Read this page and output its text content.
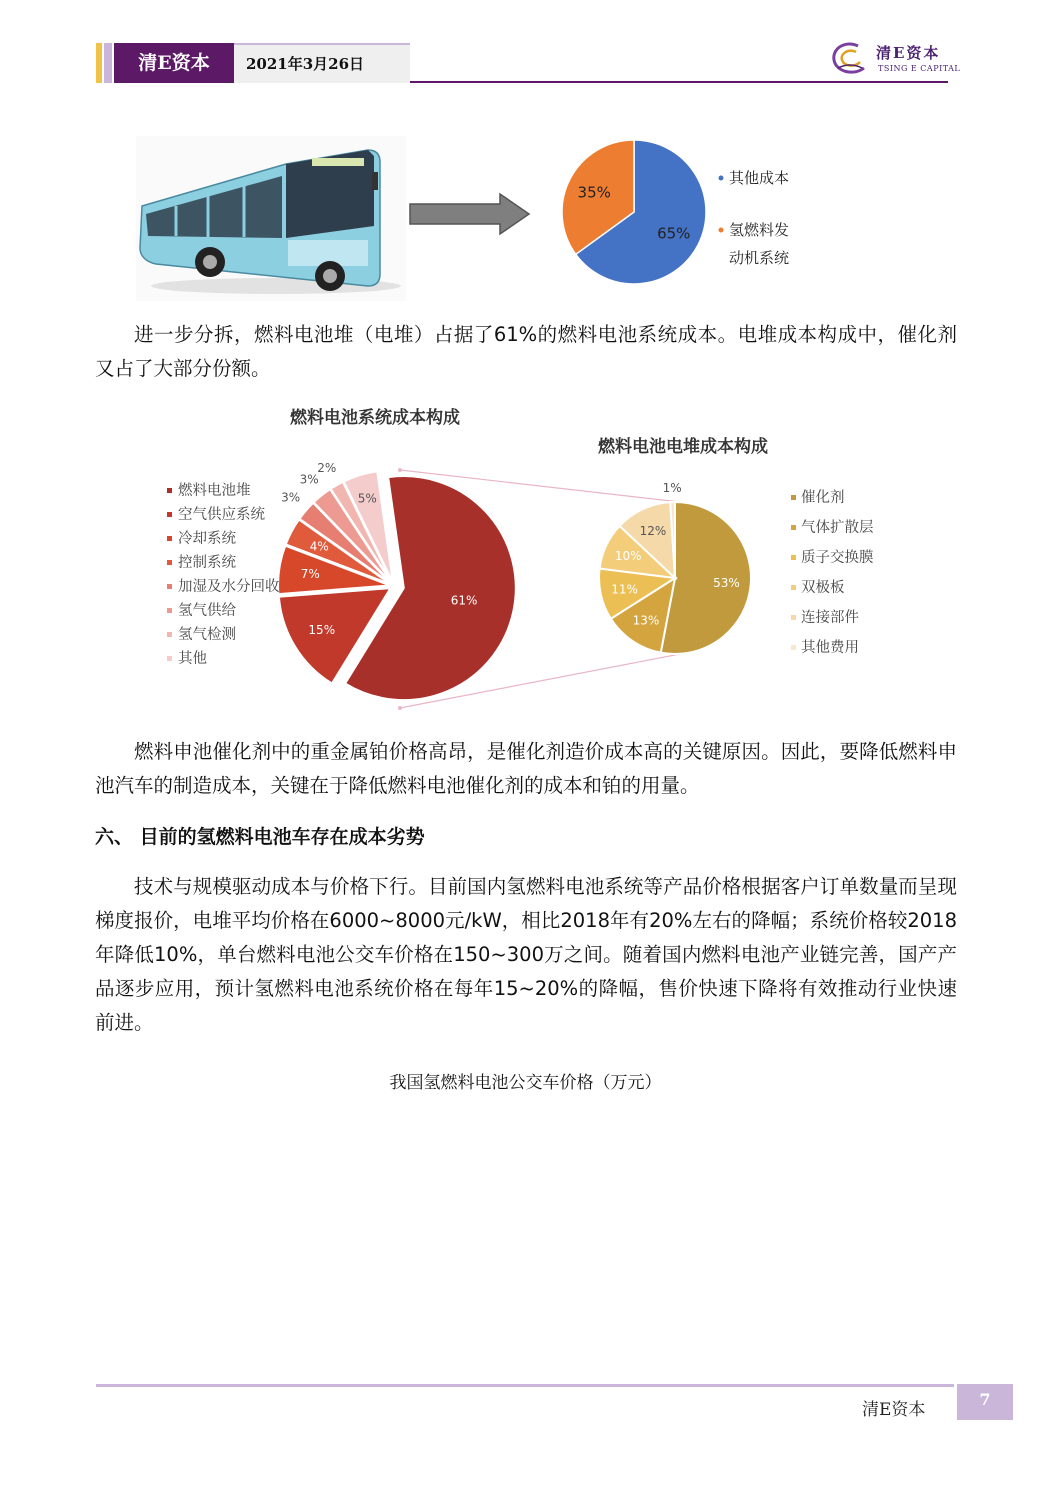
清E资本	2021年3月26日
清E资本
TSING E CAPITAL
65%
35%
其他成本
氢燃料发
动机系统

进一步分拆，燃料电池堆（电堆）占据了61%的燃料电池系统成本。电堆成本构成中，催化剂又占了大部分份额。

燃料电池系统成本构成
燃料电池电堆成本构成
61%
15%
7%
4%
3%
3%
2%
5%
燃料电池堆
空气供应系统
冷却系统
控制系统
加湿及水分回收
氢气供给
氢气检测
其他
53%
13%
11%
10%
12%
1%
催化剂
气体扩散层
质子交换膜
双极板
连接部件
其他费用

燃料申池催化剂中的重金属铂价格高昂，是催化剂造价成本高的关键原因。因此，要降低燃料申池汽车的制造成本，关键在于降低燃料电池催化剂的成本和铂的用量。

六、 目前的氢燃料电池车存在成本劣势

技术与规模驱动成本与价格下行。目前国内氢燃料电池系统等产品价格根据客户订单数量而呈现梯度报价，电堆平均价格在6000~8000元/kW，相比2018年有20%左右的降幅；系统价格较2018年降低10%，单台燃料电池公交车价格在150~300万之间。随着国内燃料电池产业链完善，国产产品逐步应用，预计氢燃料电池系统价格在每年15~20%的降幅，售价快速下降将有效推动行业快速前进。

我国氢燃料电池公交车价格（万元）
清E资本
7
